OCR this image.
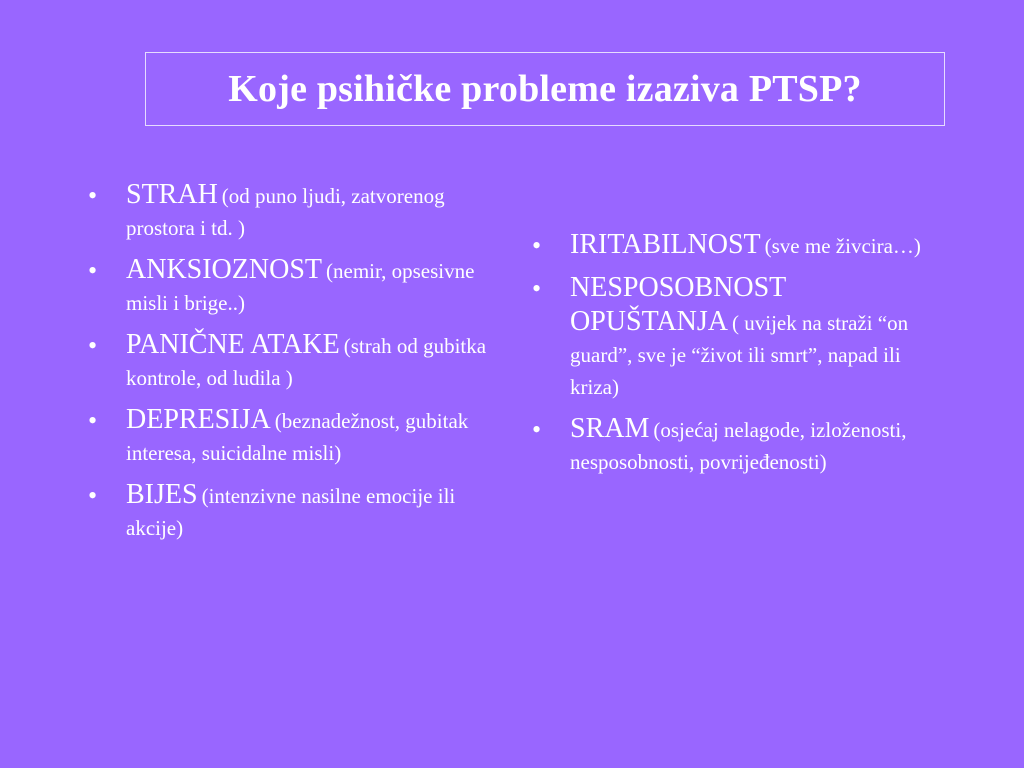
Koje psihičke probleme izaziva PTSP?
• STRAH (od puno ljudi, zatvorenog prostora i td. )
• ANKSIOZNOST (nemir, opsesivne misli i brige..)
• PANIČNE ATAKE (strah od gubitka kontrole, od ludila )
• DEPRESIJA (beznadežnost, gubitak interesa, suicidalne misli)
• BIJES (intenzivne nasilne emocije ili akcije)
• IRITABILNOST (sve me živcira…)
• NESPOSOBNOST OPUŠTANJA ( uvijek na straži “on guard”, sve je “život ili smrt”, napad ili kriza)
• SRAM (osjećaj nelagode, izloženosti, nesposobnosti, povrijeđenosti)
